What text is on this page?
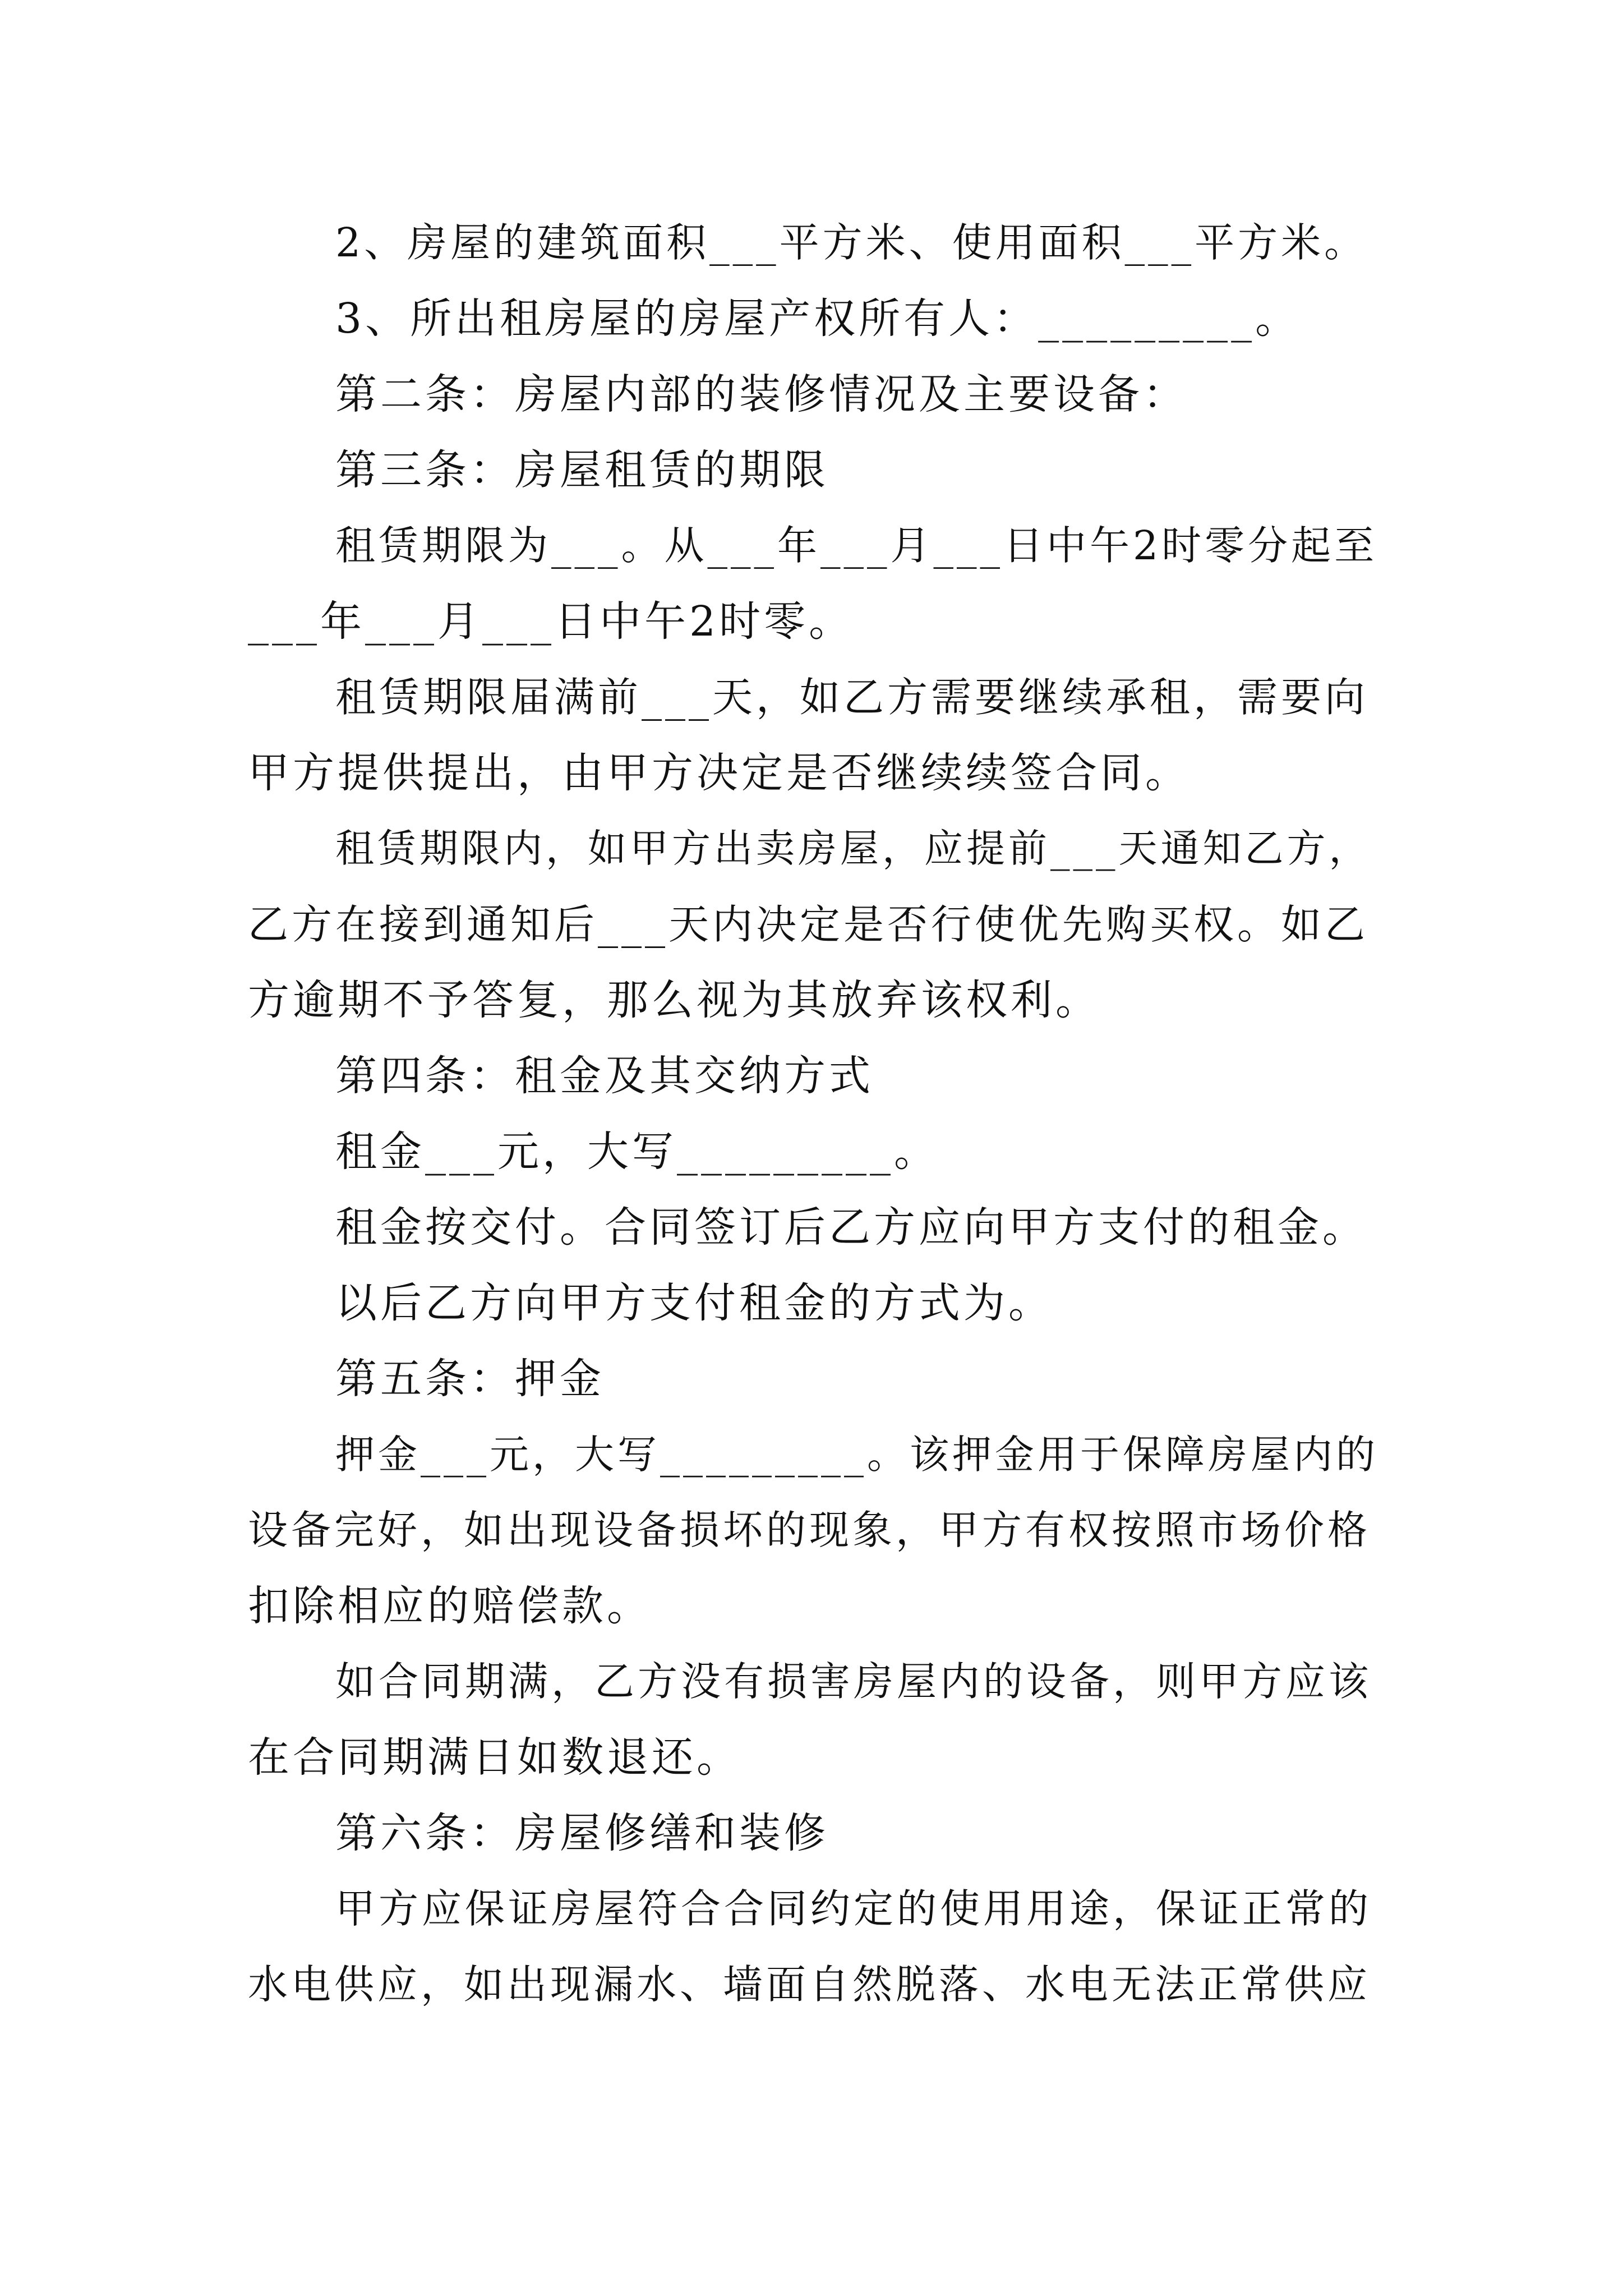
2、房屋的建筑面积___平方米、使用面积___平方米。
3、所出租房屋的房屋产权所有人：_________。
第二条：房屋内部的装修情况及主要设备：
第三条：房屋租赁的期限
租赁期限为___。从___年___月___日中午2时零分起至
___年___月___日中午2时零。
租赁期限届满前___天，如乙方需要继续承租，需要向
甲方提供提出，由甲方决定是否继续续签合同。
租赁期限内，如甲方出卖房屋，应提前___天通知乙方，
乙方在接到通知后___天内决定是否行使优先购买权。如乙
方逾期不予答复，那么视为其放弃该权利。
第四条：租金及其交纳方式
租金___元，大写_________。
租金按交付。合同签订后乙方应向甲方支付的租金。
以后乙方向甲方支付租金的方式为。
第五条：押金
押金___元，大写_________。该押金用于保障房屋内的
设备完好，如出现设备损坏的现象，甲方有权按照市场价格
扣除相应的赔偿款。
如合同期满，乙方没有损害房屋内的设备，则甲方应该
在合同期满日如数退还。
第六条：房屋修缮和装修
甲方应保证房屋符合合同约定的使用用途，保证正常的
水电供应，如出现漏水、墙面自然脱落、水电无法正常供应
